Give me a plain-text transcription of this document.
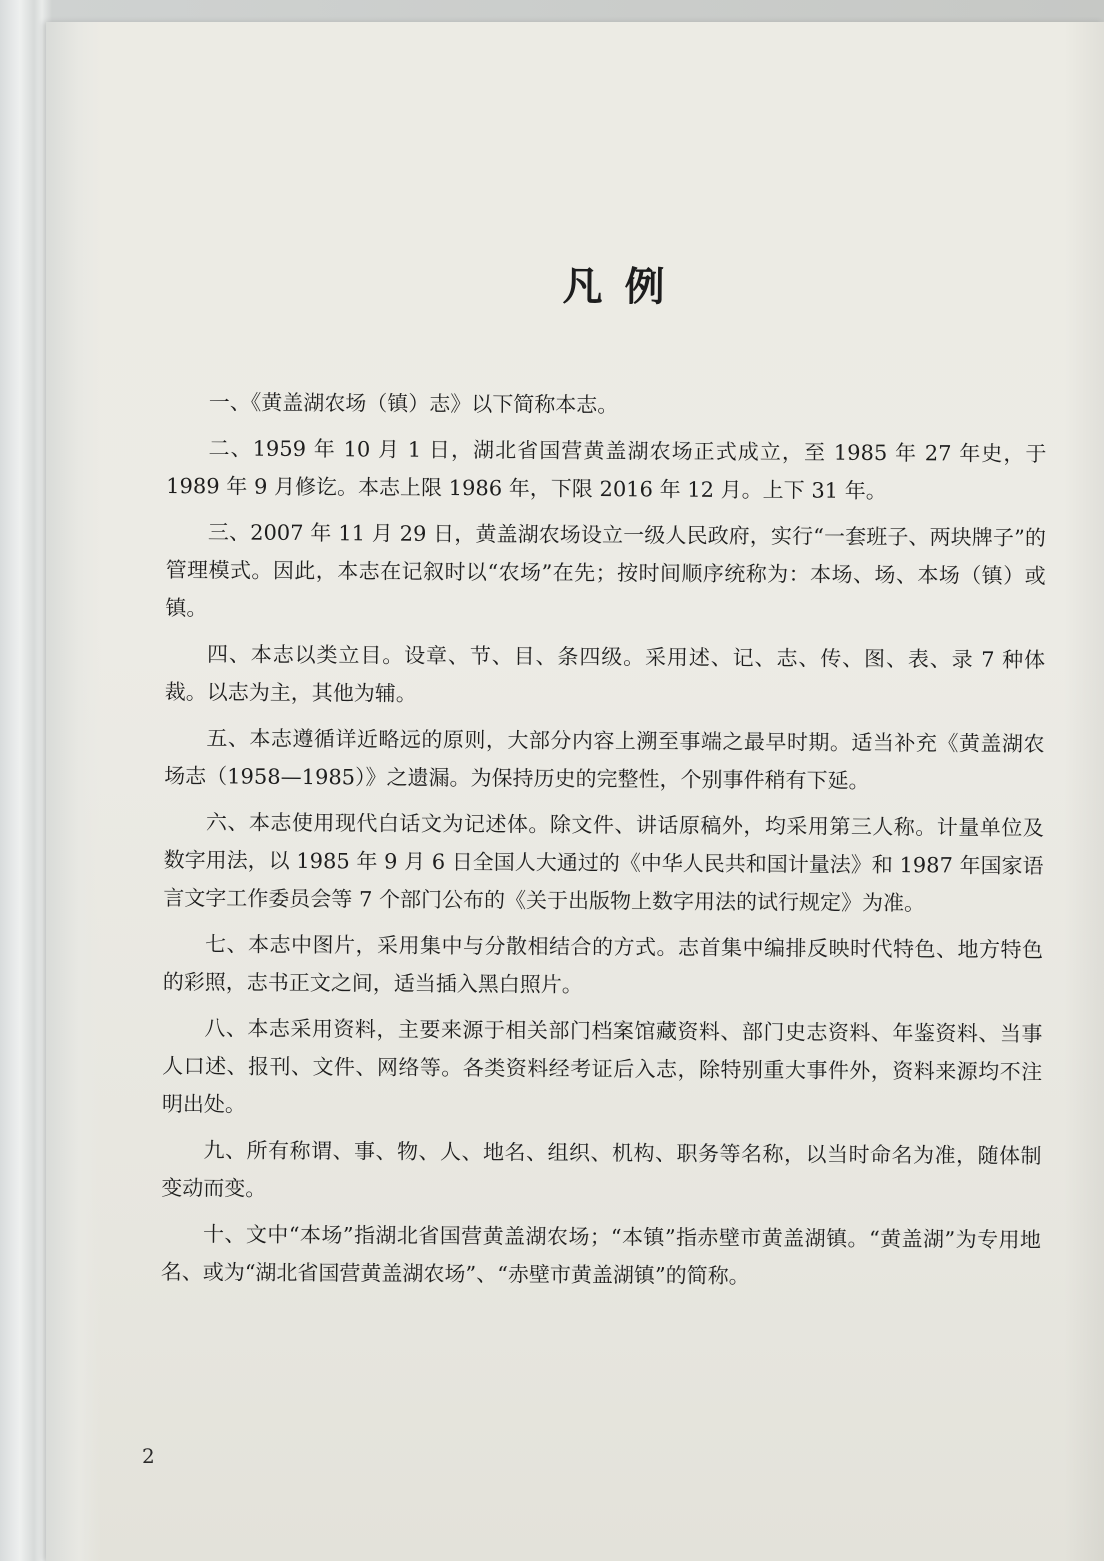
凡例

一、《黄盖湖农场（镇）志》以下简称本志。

二、1959 年 10 月 1 日，湖北省国营黄盖湖农场正式成立，至 1985 年 27 年史，于 1989 年 9 月修讫。本志上限 1986 年，下限 2016 年 12 月。上下 31 年。

三、2007 年 11 月 29 日，黄盖湖农场设立一级人民政府，实行“一套班子、两块牌子”的管理模式。因此，本志在记叙时以“农场”在先；按时间顺序统称为：本场、场、本场（镇）或镇。

四、本志以类立目。设章、节、目、条四级。采用述、记、志、传、图、表、录 7 种体裁。以志为主，其他为辅。

五、本志遵循详近略远的原则，大部分内容上溯至事端之最早时期。适当补充《黄盖湖农场志（1958—1985）》之遗漏。为保持历史的完整性，个别事件稍有下延。

六、本志使用现代白话文为记述体。除文件、讲话原稿外，均采用第三人称。计量单位及数字用法，以 1985 年 9 月 6 日全国人大通过的《中华人民共和国计量法》和 1987 年国家语言文字工作委员会等 7 个部门公布的《关于出版物上数字用法的试行规定》为准。

七、本志中图片，采用集中与分散相结合的方式。志首集中编排反映时代特色、地方特色的彩照，志书正文之间，适当插入黑白照片。

八、本志采用资料，主要来源于相关部门档案馆藏资料、部门史志资料、年鉴资料、当事人口述、报刊、文件、网络等。各类资料经考证后入志，除特别重大事件外，资料来源均不注明出处。

九、所有称谓、事、物、人、地名、组织、机构、职务等名称，以当时命名为准，随体制变动而变。

十、文中“本场”指湖北省国营黄盖湖农场；“本镇”指赤壁市黄盖湖镇。“黄盖湖”为专用地名、或为“湖北省国营黄盖湖农场”、“赤壁市黄盖湖镇”的简称。

2
